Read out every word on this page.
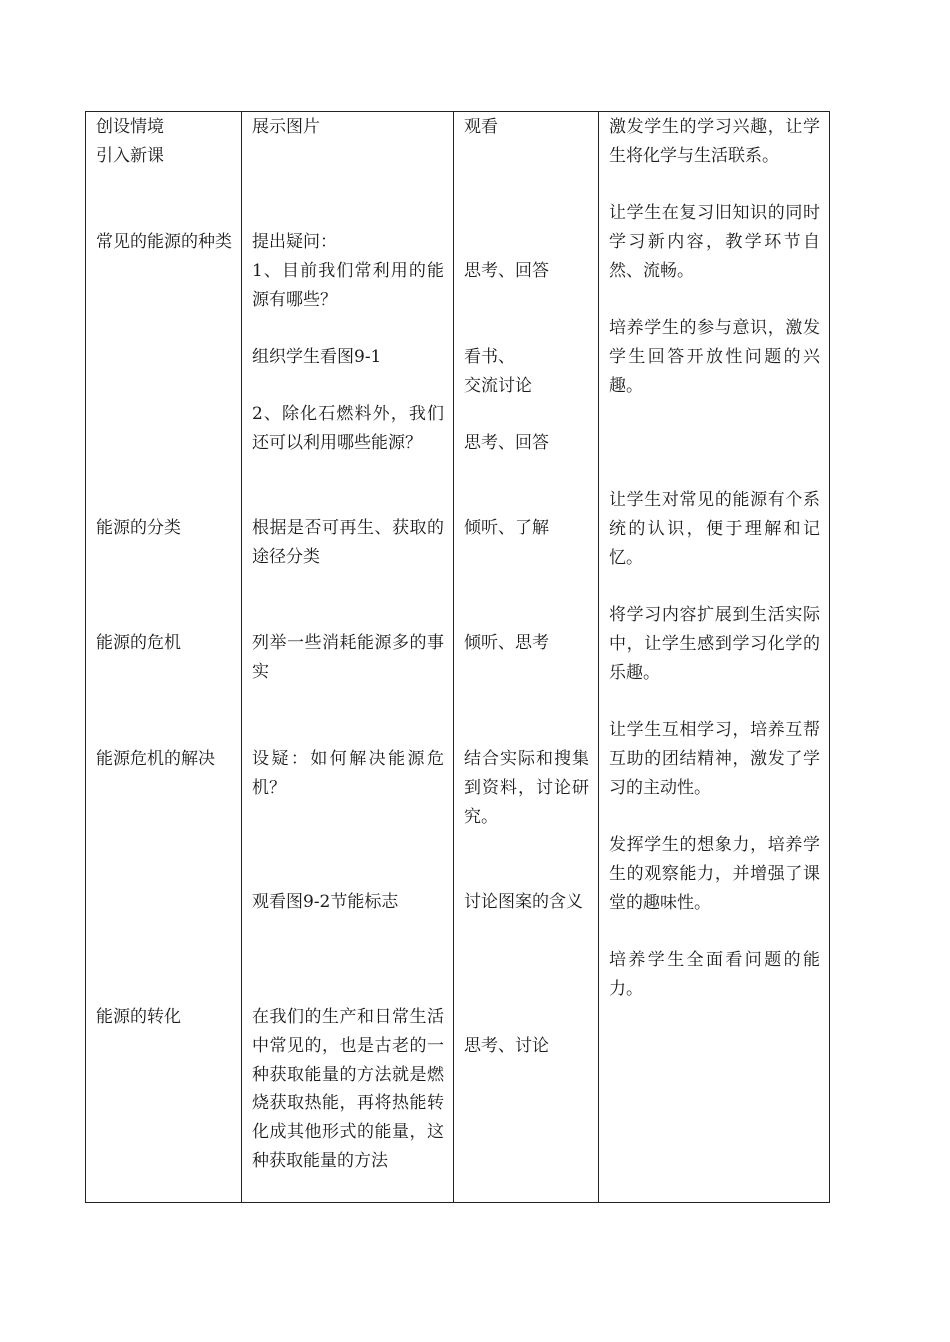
创设情境
引入新课
常见的能源的种类
能源的分类
能源的危机
能源危机的解决
能源的转化
展示图片
提出疑问：
1、目前我们常利用的能源有哪些？
组织学生看图9-1
2、除化石燃料外，我们还可以利用哪些能源？
根据是否可再生、获取的途径分类
列举一些消耗能源多的事实
设疑：如何解决能源危机？
观看图9-2节能标志
在我们的生产和日常生活中常见的，也是古老的一种获取能量的方法就是燃烧获取热能，再将热能转化成其他形式的能量，这种获取能量的方法
观看
思考、回答
看书、
交流讨论
思考、回答
倾听、了解
倾听、思考
结合实际和搜集到资料，讨论研究。
讨论图案的含义
思考、讨论
激发学生的学习兴趣，让学生将化学与生活联系。
让学生在复习旧知识的同时学习新内容，教学环节自然、流畅。
培养学生的参与意识，激发学生回答开放性问题的兴趣。
让学生对常见的能源有个系统的认识，便于理解和记忆。
将学习内容扩展到生活实际中，让学生感到学习化学的乐趣。
让学生互相学习，培养互帮互助的团结精神，激发了学习的主动性。
发挥学生的想象力，培养学生的观察能力，并增强了课堂的趣味性。
培养学生全面看问题的能力。
